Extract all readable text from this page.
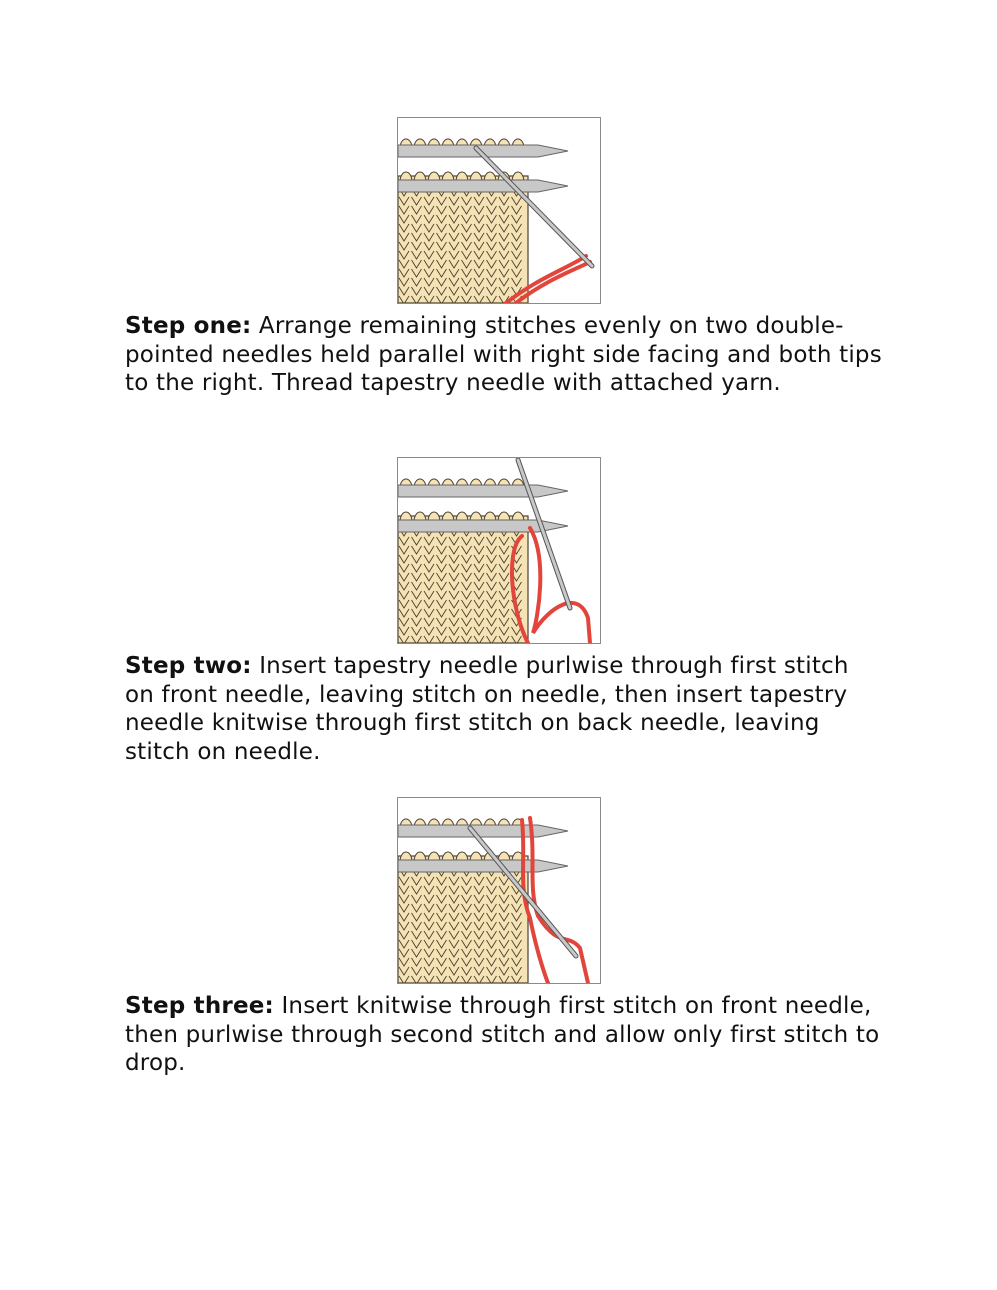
Step one: Arrange remaining stitches evenly on two double-pointed needles held parallel with right side facing and both tips to the right. Thread tapestry needle with attached yarn.
Step two: Insert tapestry needle purlwise through first stitch on front needle, leaving stitch on needle, then insert tapestry needle knitwise through first stitch on back needle, leaving stitch on needle.
Step three: Insert knitwise through first stitch on front needle, then purlwise through second stitch and allow only first stitch to drop.
